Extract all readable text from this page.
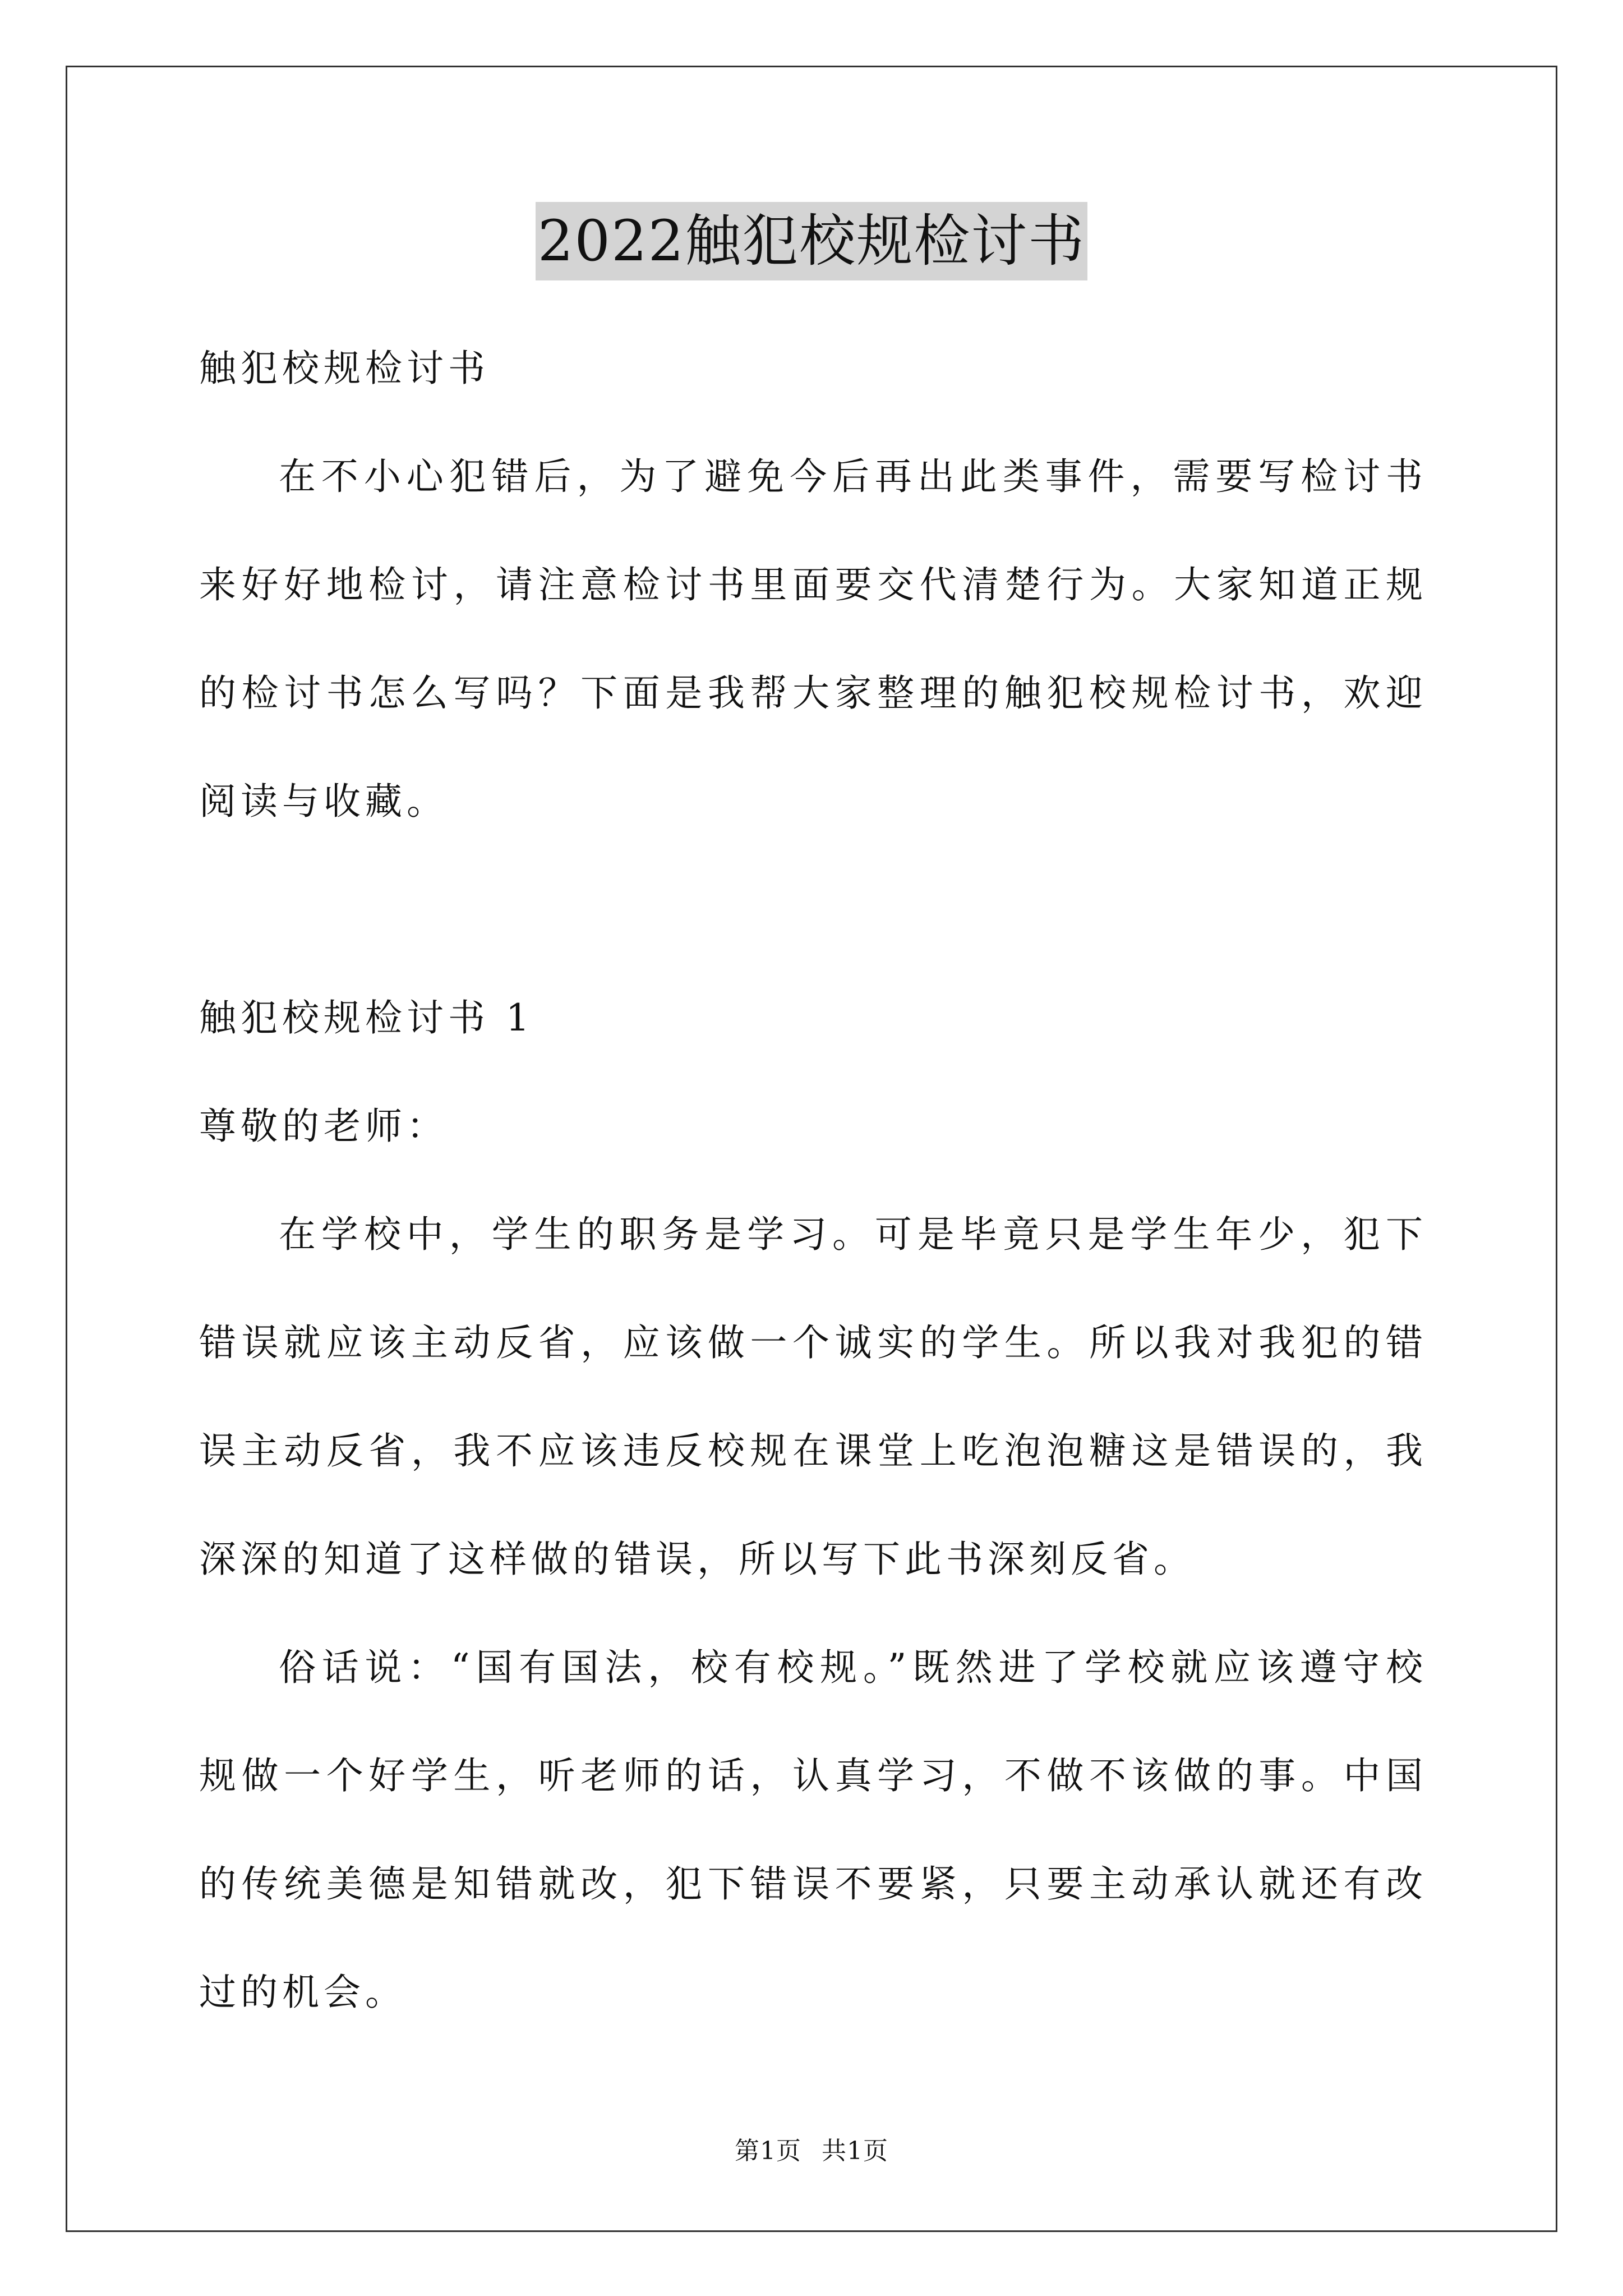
2022触犯校规检讨书

触犯校规检讨书

在不小心犯错后，为了避免今后再出此类事件，需要写检讨书来好好地检讨，请注意检讨书里面要交代清楚行为。大家知道正规的检讨书怎么写吗？下面是我帮大家整理的触犯校规检讨书，欢迎阅读与收藏。

触犯校规检讨书 1

尊敬的老师：

在学校中，学生的职务是学习。可是毕竟只是学生年少，犯下错误就应该主动反省，应该做一个诚实的学生。所以我对我犯的错误主动反省，我不应该违反校规在课堂上吃泡泡糖这是错误的，我深深的知道了这样做的错误，所以写下此书深刻反省。

俗话说：“国有国法，校有校规。”既然进了学校就应该遵守校规做一个好学生，听老师的话，认真学习，不做不该做的事。中国的传统美德是知错就改，犯下错误不要紧，只要主动承认就还有改过的机会。

第1页 共1页
